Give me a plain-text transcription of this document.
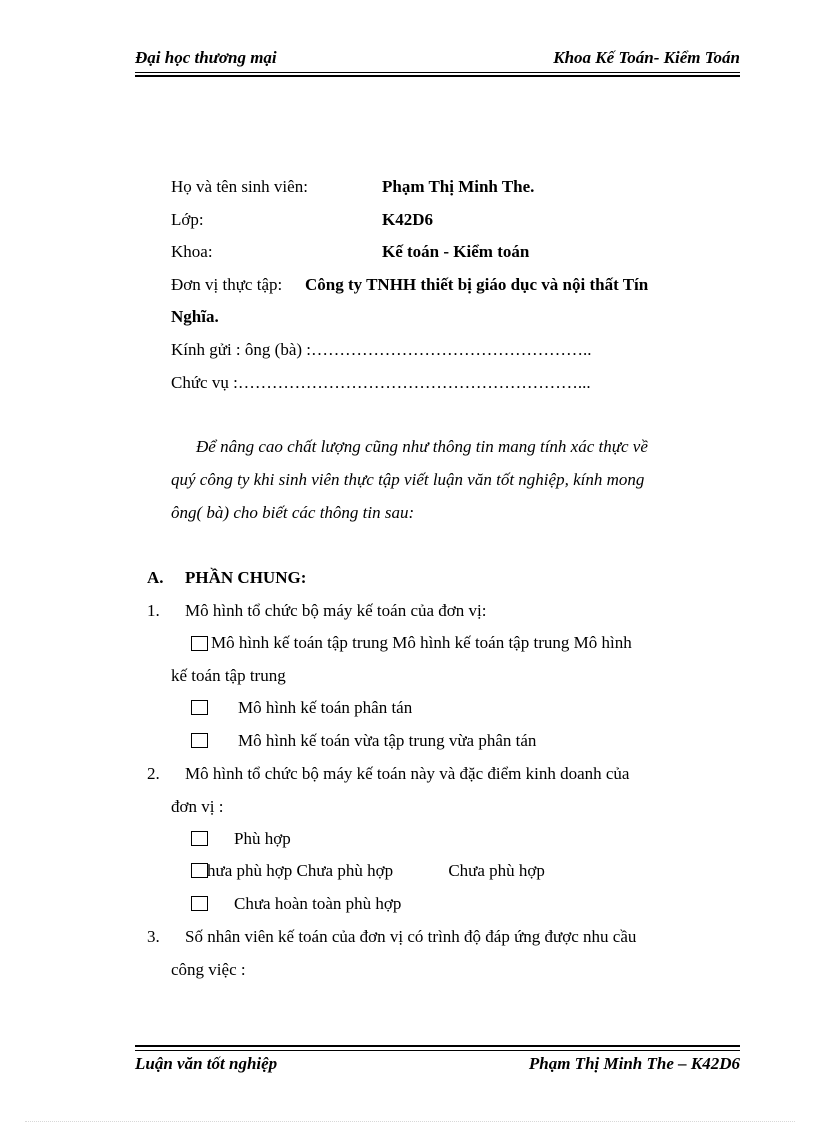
Đại học thương mại	Khoa Kế Toán- Kiểm Toán
Họ và tên sinh viên:	Phạm Thị Minh The.
Lớp:	K42D6
Khoa:	Kế toán - Kiểm toán
Đơn vị thực tập: Công ty TNHH thiết bị giáo dục và nội thất Tín
Nghĩa.
Kính gửi : ông (bà) :…………………………………………..
Chức vụ :……………………………………………………...
Để nâng cao chất lượng cũng như thông tin mang tính xác thực về
quý công ty khi sinh viên thực tập viết luận văn tốt nghiệp, kính mong
ông( bà) cho biết các thông tin sau:
A. PHẦN CHUNG:
1. Mô hình tổ chức bộ máy kế toán của đơn vị:
Mô hình kế toán tập trung Mô hình kế toán tập trung Mô hình
kế toán tập trung
Mô hình kế toán phân tán
Mô hình kế toán vừa tập trung vừa phân tán
2. Mô hình tổ chức bộ máy kế toán này và đặc điểm kinh doanh của
đơn vị :
Phù hợp
hưa phù hợp Chưa phù hợp             Chưa phù hợp
Chưa hoàn toàn phù hợp
3. Số nhân viên kế toán của đơn vị có trình độ đáp ứng được nhu cầu
công việc :
Luận văn tốt nghiệp	Phạm Thị Minh The – K42D6
